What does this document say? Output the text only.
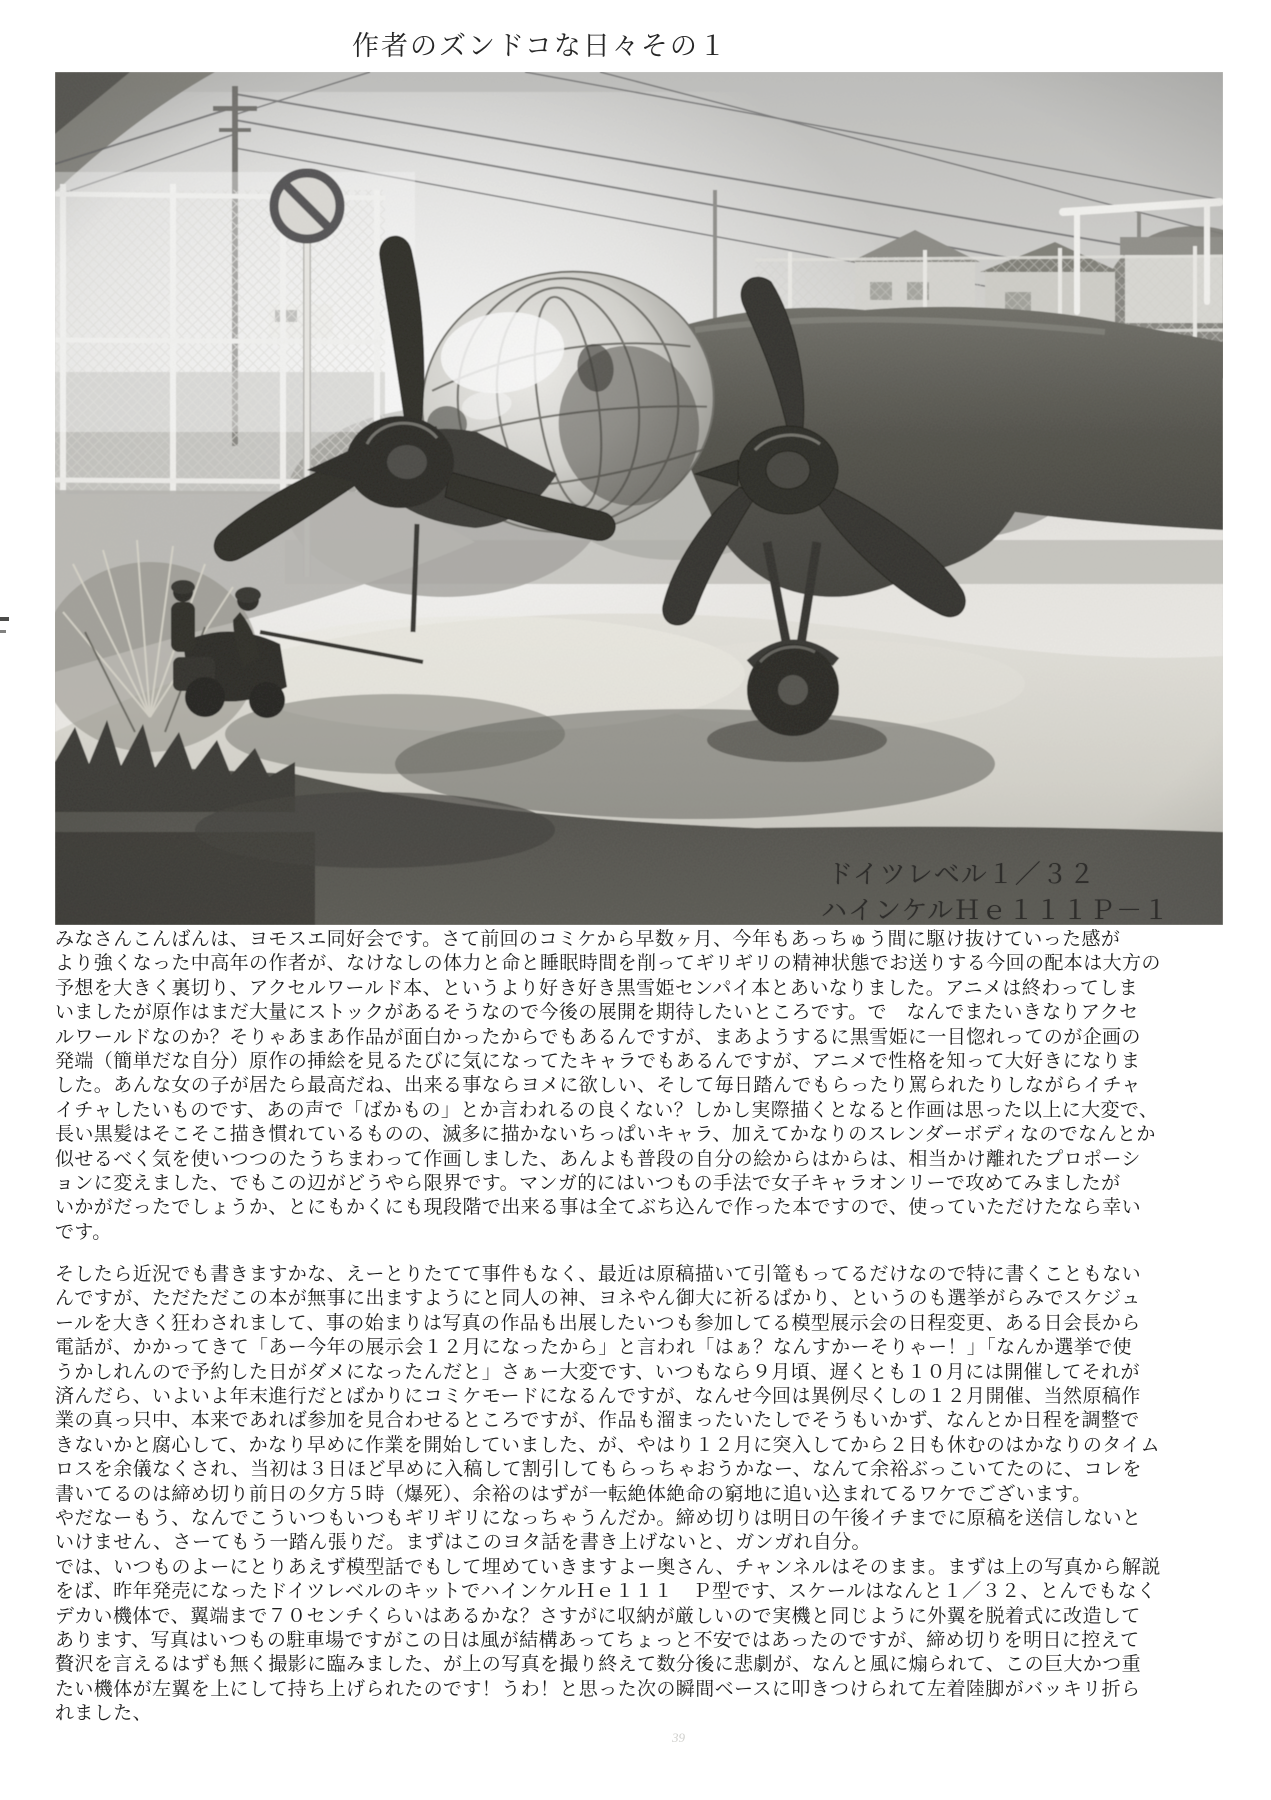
作者のズンドコな日々その１
ドイツレベル１／３２
ハインケルＨｅ１１１Ｐ－１
みなさんこんばんは、ヨモスエ同好会です。さて前回のコミケから早数ヶ月、今年もあっちゅう間に駆け抜けていった感が
より強くなった中高年の作者が、なけなしの体力と命と睡眠時間を削ってギリギリの精神状態でお送りする今回の配本は大方の
予想を大きく裏切り、アクセルワールド本、というより好き好き黒雪姫センパイ本とあいなりました。アニメは終わってしま
いましたが原作はまだ大量にストックがあるそうなので今後の展開を期待したいところです。で　なんでまたいきなりアクセ
ルワールドなのか？そりゃあまあ作品が面白かったからでもあるんですが、まあようするに黒雪姫に一目惚れってのが企画の
発端（簡単だな自分）原作の挿絵を見るたびに気になってたキャラでもあるんですが、アニメで性格を知って大好きになりま
した。あんな女の子が居たら最高だね、出来る事ならヨメに欲しい、そして毎日踏んでもらったり罵られたりしながらイチャ
イチャしたいものです、あの声で「ばかもの」とか言われるの良くない？しかし実際描くとなると作画は思った以上に大変で、
長い黒髪はそこそこ描き慣れているものの、滅多に描かないちっぱいキャラ、加えてかなりのスレンダーボディなのでなんとか
似せるべく気を使いつつのたうちまわって作画しました、あんよも普段の自分の絵からはからは、相当かけ離れたプロポーシ
ョンに変えました、でもこの辺がどうやら限界です。マンガ的にはいつもの手法で女子キャラオンリーで攻めてみましたが
いかがだったでしょうか、とにもかくにも現段階で出来る事は全てぶち込んで作った本ですので、使っていただけたなら幸い
です。
そしたら近況でも書きますかな、えーとりたてて事件もなく、最近は原稿描いて引篭もってるだけなので特に書くこともない
んですが、ただただこの本が無事に出ますようにと同人の神、ヨネやん御大に祈るばかり、というのも選挙がらみでスケジュ
ールを大きく狂わされまして、事の始まりは写真の作品も出展したいつも参加してる模型展示会の日程変更、ある日会長から
電話が、かかってきて「あー今年の展示会１２月になったから」と言われ「はぁ？なんすかーそりゃー！」「なんか選挙で使
うかしれんので予約した日がダメになったんだと」さぁー大変です、いつもなら９月頃、遅くとも１０月には開催してそれが
済んだら、いよいよ年末進行だとばかりにコミケモードになるんですが、なんせ今回は異例尽くしの１２月開催、当然原稿作
業の真っ只中、本来であれば参加を見合わせるところですが、作品も溜まったいたしでそうもいかず、なんとか日程を調整で
きないかと腐心して、かなり早めに作業を開始していました、が、やはり１２月に突入してから２日も休むのはかなりのタイム
ロスを余儀なくされ、当初は３日ほど早めに入稿して割引してもらっちゃおうかなー、なんて余裕ぶっこいてたのに、コレを
書いてるのは締め切り前日の夕方５時（爆死）、余裕のはずが一転絶体絶命の窮地に追い込まれてるワケでございます。
やだなーもう、なんでこういつもいつもギリギリになっちゃうんだか。締め切りは明日の午後イチまでに原稿を送信しないと
いけません、さーてもう一踏ん張りだ。まずはこのヨタ話を書き上げないと、ガンガれ自分。
では、いつものよーにとりあえず模型話でもして埋めていきますよー奥さん、チャンネルはそのまま。まずは上の写真から解説
をば、昨年発売になったドイツレベルのキットでハインケルＨｅ１１１　Ｐ型です、スケールはなんと１／３２、とんでもなく
デカい機体で、翼端まで７０センチくらいはあるかな？さすがに収納が厳しいので実機と同じように外翼を脱着式に改造して
あります、写真はいつもの駐車場ですがこの日は風が結構あってちょっと不安ではあったのですが、締め切りを明日に控えて
贅沢を言えるはずも無く撮影に臨みました、が上の写真を撮り終えて数分後に悲劇が、なんと風に煽られて、この巨大かつ重
たい機体が左翼を上にして持ち上げられたのです！うわ！と思った次の瞬間ベースに叩きつけられて左着陸脚がバッキリ折ら
れました、
39
